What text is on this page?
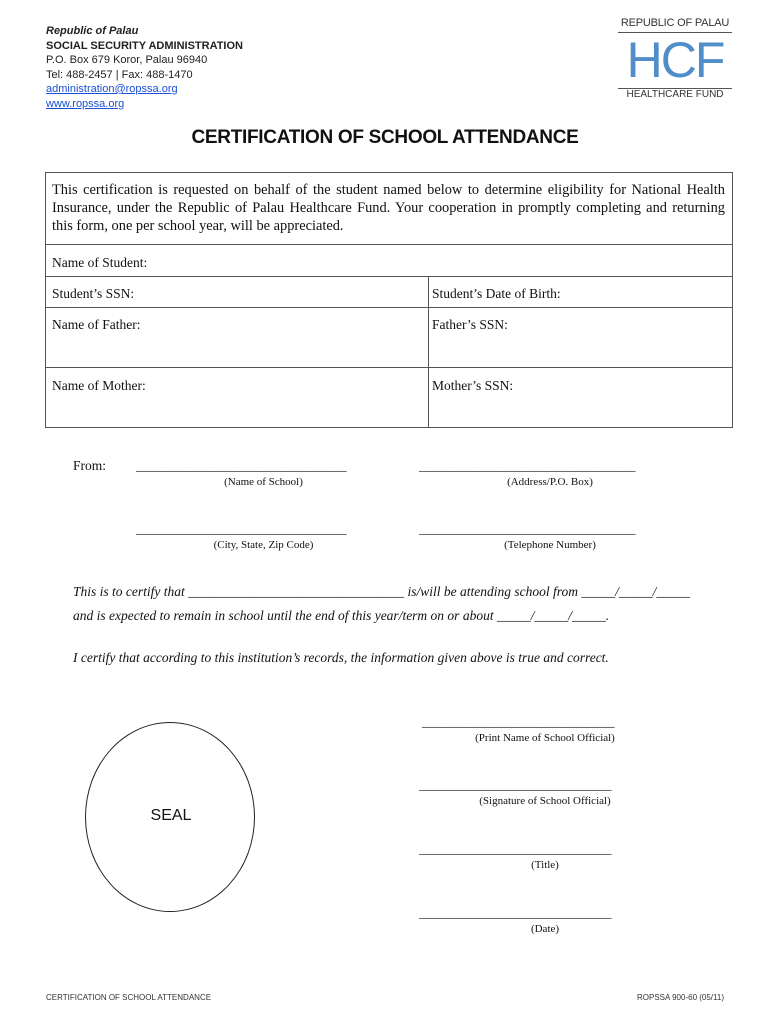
Republic of Palau
SOCIAL SECURITY ADMINISTRATION
P.O. Box 679 Koror, Palau 96940
Tel: 488-2457 | Fax: 488-1470
administration@ropssa.org
www.ropssa.org
REPUBLIC OF PALAU
HCF
HEALTHCARE FUND
CERTIFICATION OF SCHOOL ATTENDANCE
This certification is requested on behalf of the student named below to determine eligibility for National Health Insurance, under the Republic of Palau Healthcare Fund. Your cooperation in promptly completing and returning this form, one per school year, will be appreciated.
Name of Student:
Student’s SSN:	Student’s Date of Birth:
Name of Father:	Father’s SSN:
Name of Mother:	Mother’s SSN:
From: ___________________________________
(Name of School)
____________________________________
(Address/P.O. Box)
___________________________________
(City, State, Zip Code)
____________________________________
(Telephone Number)
This is to certify that ________________________________ is/will be attending school from _____/_____/_____
and is expected to remain in school until the end of this year/term on or about _____/_____/_____.
I certify that according to this institution’s records, the information given above is true and correct.
SEAL
________________________________
(Print Name of School Official)
________________________________
(Signature of School Official)
________________________________
(Title)
________________________________
(Date)
CERTIFICATION OF SCHOOL ATTENDANCE	ROPSSA 900-60 (05/11)
